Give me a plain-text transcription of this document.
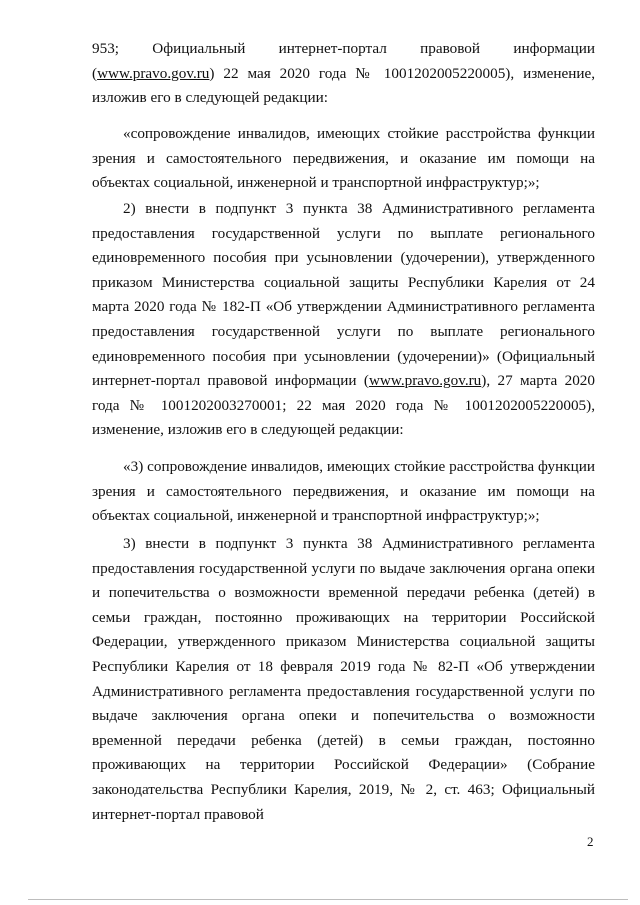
953; Официальный интернет-портал правовой информации (www.pravo.gov.ru) 22 мая 2020 года № 1001202005220005), изменение, изложив его в следующей редакции:

«сопровождение инвалидов, имеющих стойкие расстройства функции зрения и самостоятельного передвижения, и оказание им помощи на объектах социальной, инженерной и транспортной инфраструктур;»;

2) внести в подпункт 3 пункта 38 Административного регламента предоставления государственной услуги по выплате регионального единовременного пособия при усыновлении (удочерении), утвержденного приказом Министерства социальной защиты Республики Карелия от 24 марта 2020 года № 182-П «Об утверждении Административного регламента предоставления государственной услуги по выплате регионального единовременного пособия при усыновлении (удочерении)» (Официальный интернет-портал правовой информации (www.pravo.gov.ru), 27 марта 2020 года № 1001202003270001; 22 мая 2020 года № 1001202005220005), изменение, изложив его в следующей редакции:

«3) сопровождение инвалидов, имеющих стойкие расстройства функции зрения и самостоятельного передвижения, и оказание им помощи на объектах социальной, инженерной и транспортной инфраструктур;»;

3) внести в подпункт 3 пункта 38 Административного регламента предоставления государственной услуги по выдаче заключения органа опеки и попечительства о возможности временной передачи ребенка (детей) в семьи граждан, постоянно проживающих на территории Российской Федерации, утвержденного приказом Министерства социальной защиты Республики Карелия от 18 февраля 2019 года № 82-П «Об утверждении Административного регламента предоставления государственной услуги по выдаче заключения органа опеки и попечительства о возможности временной передачи ребенка (детей) в семьи граждан, постоянно проживающих на территории Российской Федерации» (Собрание законодательства Республики Карелия, 2019, № 2, ст. 463; Официальный интернет-портал правовой

2
